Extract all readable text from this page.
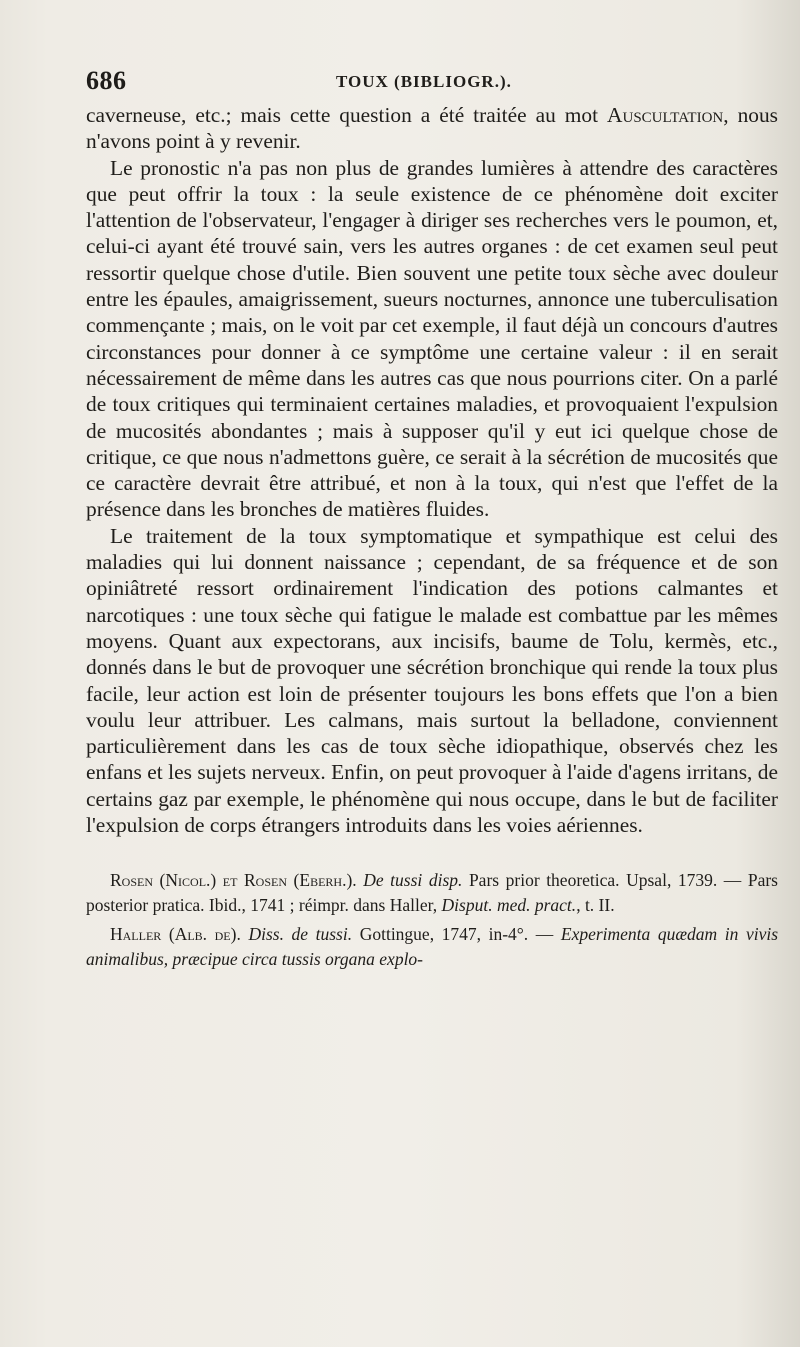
686	TOUX (BIBLIOGR.).

caverneuse, etc.; mais cette question a été traitée au mot Auscultation, nous n'avons point à y revenir.

Le pronostic n'a pas non plus de grandes lumières à attendre des caractères que peut offrir la toux : la seule existence de ce phénomène doit exciter l'attention de l'observateur, l'engager à diriger ses recherches vers le poumon, et, celui-ci ayant été trouvé sain, vers les autres organes : de cet examen seul peut ressortir quelque chose d'utile. Bien souvent une petite toux sèche avec douleur entre les épaules, amaigrissement, sueurs nocturnes, annonce une tuberculisation commençante ; mais, on le voit par cet exemple, il faut déjà un concours d'autres circonstances pour donner à ce symptôme une certaine valeur : il en serait nécessairement de même dans les autres cas que nous pourrions citer. On a parlé de toux critiques qui terminaient certaines maladies, et provoquaient l'expulsion de mucosités abondantes ; mais à supposer qu'il y eut ici quelque chose de critique, ce que nous n'admettons guère, ce serait à la sécrétion de mucosités que ce caractère devrait être attribué, et non à la toux, qui n'est que l'effet de la présence dans les bronches de matières fluides.

Le traitement de la toux symptomatique et sympathique est celui des maladies qui lui donnent naissance ; cependant, de sa fréquence et de son opiniâtreté ressort ordinairement l'indication des potions calmantes et narcotiques : une toux sèche qui fatigue le malade est combattue par les mêmes moyens. Quant aux expectorans, aux incisifs, baume de Tolu, kermès, etc., donnés dans le but de provoquer une sécrétion bronchique qui rende la toux plus facile, leur action est loin de présenter toujours les bons effets que l'on a bien voulu leur attribuer. Les calmans, mais surtout la belladone, conviennent particulièrement dans les cas de toux sèche idiopathique, observés chez les enfans et les sujets nerveux. Enfin, on peut provoquer à l'aide d'agens irritans, de certains gaz par exemple, le phénomène qui nous occupe, dans le but de faciliter l'expulsion de corps étrangers introduits dans les voies aériennes.

Rosen (Nicol.) et Rosen (Eberh.). De tussi disp. Pars prior theoretica. Upsal, 1739. — Pars posterior pratica. Ibid., 1741 ; réimpr. dans Haller, Disput. med. pract., t. II.

Haller (Alb. de). Diss. de tussi. Gottingue, 1747, in-4°. — Experimenta quædam in vivis animalibus, præcipue circa tussis organa explo-
